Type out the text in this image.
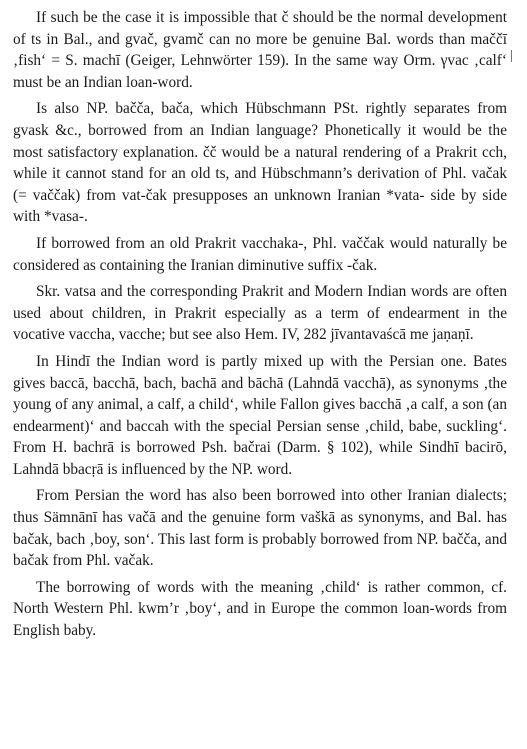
If such be the case it is impossible that č should be the normal development of ts in Bal., and gvač, gvamč can no more be genuine Bal. words than maččī ‚fish‘ = S. machī (Geiger, Lehnwörter 159). In the same way Orm. γvac ‚calf‘ must be an Indian loan-word.

Is also NP. bačča, bača, which Hübschmann PSt. rightly separates from gvask &c., borrowed from an Indian language? Phonetically it would be the most satisfactory explanation. čč would be a natural rendering of a Prakrit cch, while it cannot stand for an old ts, and Hübschmann’s derivation of Phl. vačak (= vaččak) from vat-čak presupposes an unknown Iranian *vata- side by side with *vasa-.

If borrowed from an old Prakrit vacchaka-, Phl. vaččak would naturally be considered as containing the Iranian diminutive suffix -čak.

Skr. vatsa and the corresponding Prakrit and Modern Indian words are often used about children, in Prakrit especially as a term of endearment in the vocative vaccha, vacche; but see also Hem. IV, 282 jīvantavaścā me jaṇaṇī.

In Hindī the Indian word is partly mixed up with the Persian one. Bates gives baccā, bacchā, bach, bachā and bāchā (Lahndā vacchā), as synonyms ‚the young of any animal, a calf, a child‘, while Fallon gives bacchā ‚a calf, a son (an endearment)‘ and baccah with the special Persian sense ‚child, babe, suckling‘. From H. bachrā is borrowed Psh. bačrai (Darm. § 102), while Sindhī bacirō, Lahndā bbacṛā is influenced by the NP. word.

From Persian the word has also been borrowed into other Iranian dialects; thus Sämnānī has vačā and the genuine form vaškā as synonyms, and Bal. has bačak, bach ‚boy, son‘. This last form is probably borrowed from NP. bačča, and bačak from Phl. vačak.

The borrowing of words with the meaning ‚child‘ is rather common, cf. North Western Phl. kwm’r ‚boy‘, and in Europe the common loan-words from English baby.
